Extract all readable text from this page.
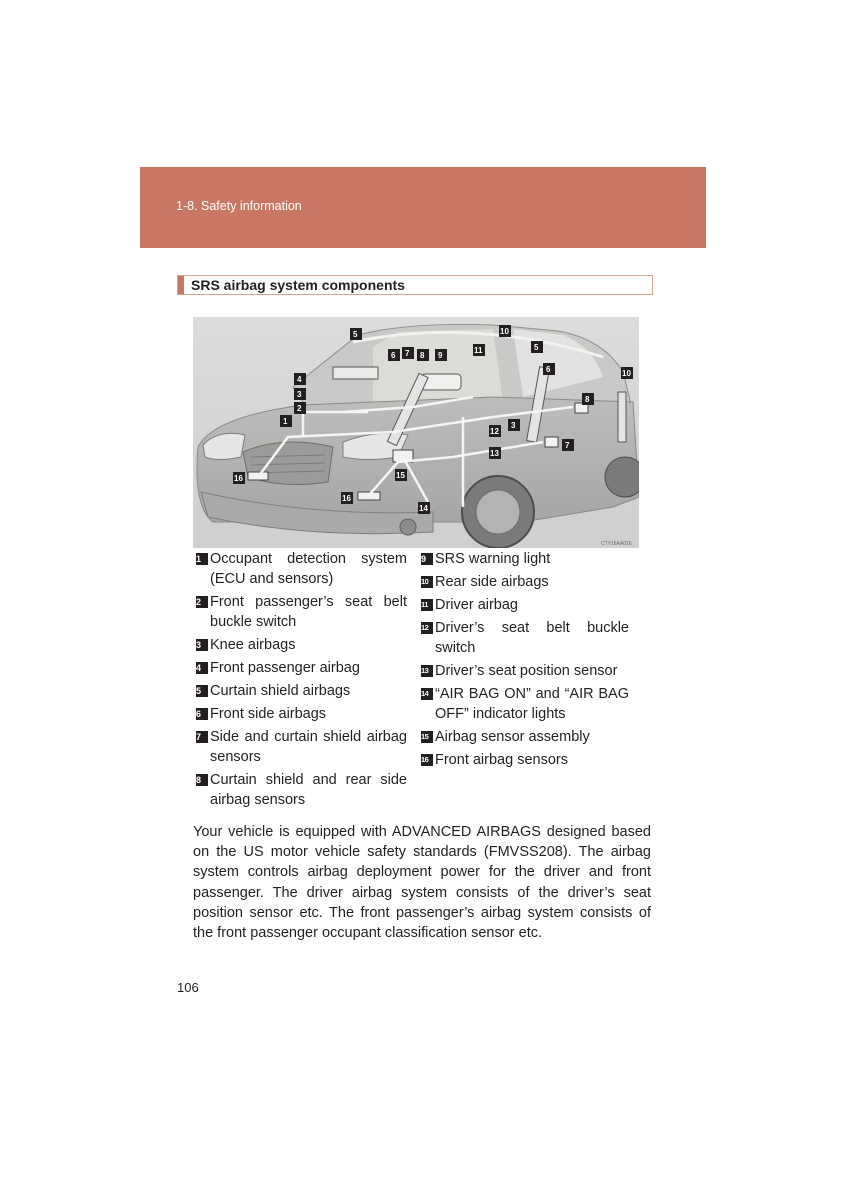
1-8. Safety information
SRS airbag system components
5	10
5
11
6 7 8 9
6	10
4
3
2
1
8
12
3
7
13
15
16
16
14
CTY16AA016
1 Occupant detection system (ECU and sensors)
2 Front passenger’s seat belt buckle switch
3 Knee airbags
4 Front passenger airbag
5 Curtain shield airbags
6 Front side airbags
7 Side and curtain shield airbag sensors
8 Curtain shield and rear side airbag sensors
9 SRS warning light
10 Rear side airbags
11 Driver airbag
12 Driver’s seat belt buckle switch
13 Driver’s seat position sensor
14 “AIR BAG ON” and “AIR BAG OFF” indicator lights
15 Airbag sensor assembly
16 Front airbag sensors
Your vehicle is equipped with ADVANCED AIRBAGS designed based on the US motor vehicle safety standards (FMVSS208). The airbag system controls airbag deployment power for the driver and front passenger. The driver airbag system consists of the driver’s seat position sensor etc. The front passenger’s airbag system consists of the front passenger occupant classification sensor etc.
106
